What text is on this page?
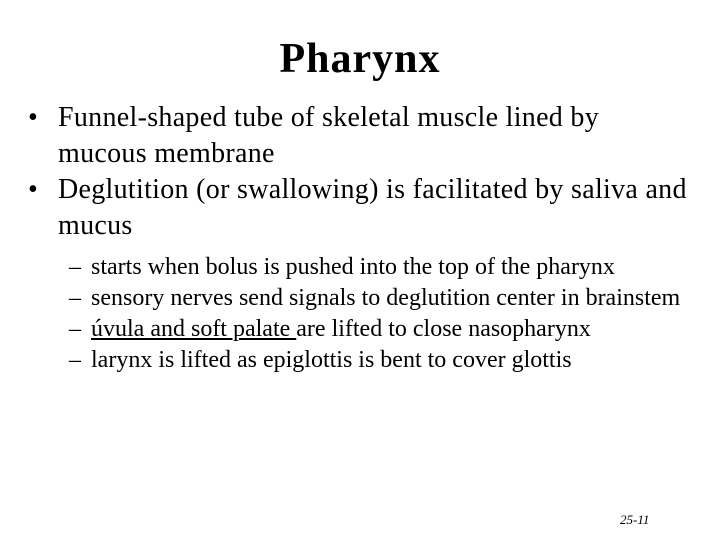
Pharynx
• Funnel-shaped tube of skeletal muscle lined by mucous membrane
• Deglutition (or swallowing) is facilitated by saliva and mucus
– starts when bolus is pushed into the top of the pharynx
– sensory nerves send signals to deglutition center in brainstem
– úvula and soft palate are lifted to close nasopharynx
– larynx is lifted as epiglottis is bent to cover glottis
25-11
